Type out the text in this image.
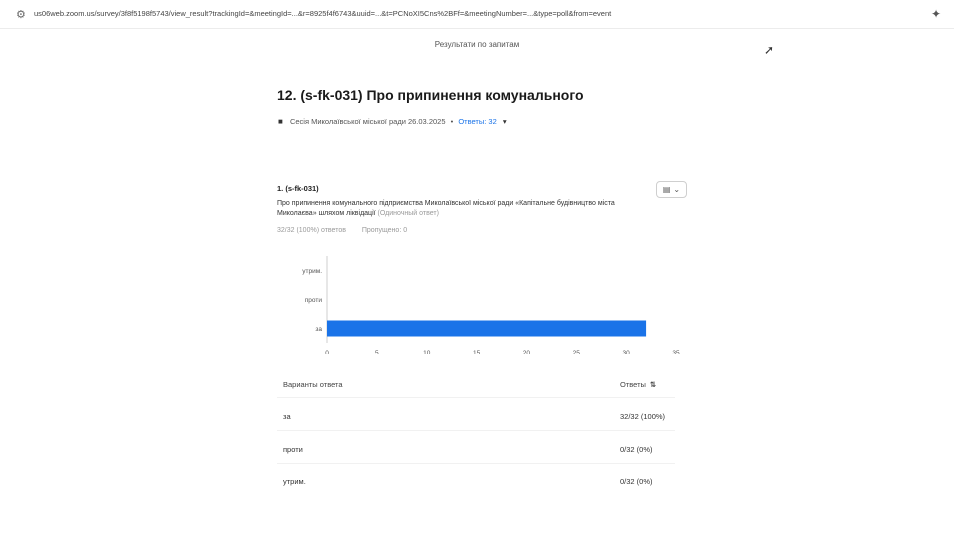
⚙ us06web.zoom.us/survey/3f8f5198f5743/view_result?trackingId=&meetingId=...&r=8925f4f6743&uuid=...&t=PCNoXI5Cns%2BFf=&meetingNumber=...&type=poll&from=event	✦
Результати по запитам	➚
12. (s-fk-031) Про припинення комунального
■ Сесія Миколаївської міської ради 26.03.2025 • Ответы: 32 ▾
1. (s-fk-031)
Про припинення комунального підприємства Миколаївської міської ради «Капітальне будівництво міста Миколаєва» шляхом ліквідації (Одиночный ответ)
32/32 (100%) ответов Пропущено: 0
▤ ⌄
утрим.
проти
за
0	5	10	15	20	25	30	35
Варианты ответа	Ответы ⇅
за	32/32 (100%)
проти	0/32 (0%)
утрим.	0/32 (0%)
